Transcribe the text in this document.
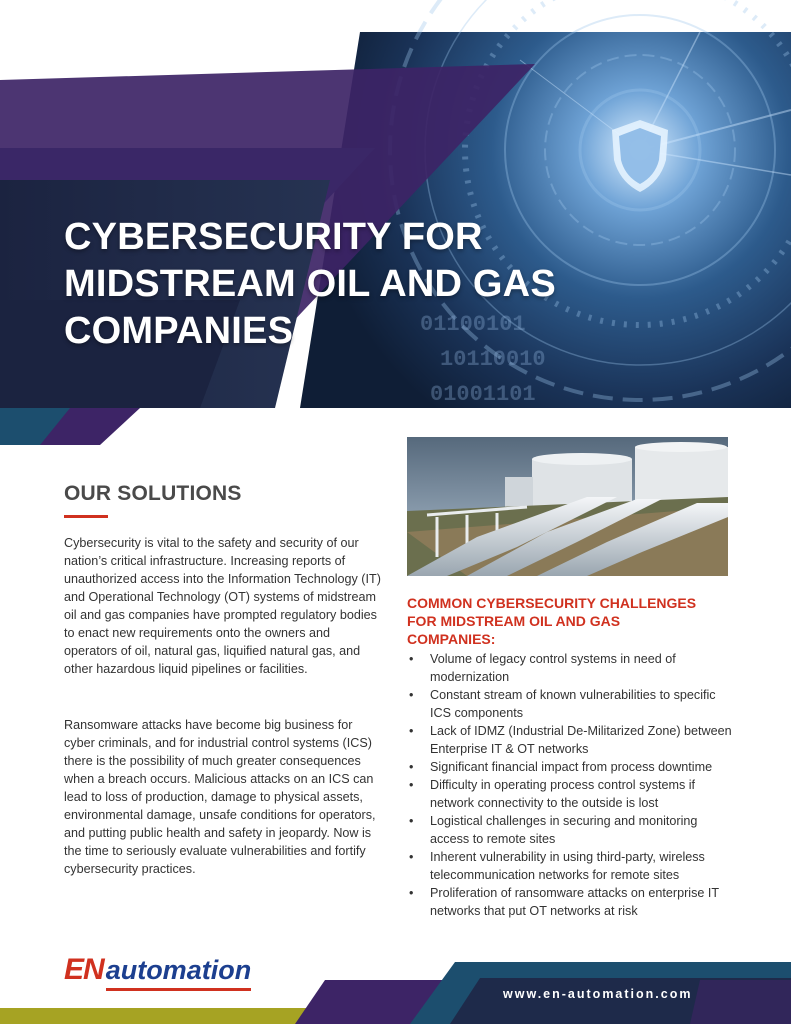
01100101
10110010
01001101
CYBERSECURITY FOR
MIDSTREAM OIL AND GAS
COMPANIES
OUR SOLUTIONS

Cybersecurity is vital to the safety and security of our nation’s critical infrastructure. Increasing reports of unauthorized access into the Information Technology (IT) and Operational Technology (OT) systems of midstream oil and gas companies have prompted regulatory bodies to enact new requirements onto the owners and operators of oil, natural gas, liquified natural gas, and other hazardous liquid pipelines or facilities.

Ransomware attacks have become big business for cyber criminals, and for industrial control systems (ICS) there is the possibility of much greater consequences when a breach occurs. Malicious attacks on an ICS can lead to loss of production, damage to physical assets, environmental damage, unsafe conditions for operators, and putting public health and safety in jeopardy. Now is the time to seriously evaluate vulnerabilities and fortify cybersecurity practices.

COMMON CYBERSECURITY CHALLENGES
FOR MIDSTREAM OIL AND GAS
COMPANIES:
• Volume of legacy control systems in need of modernization
• Constant stream of known vulnerabilities to specific ICS components
• Lack of IDMZ (Industrial De-Militarized Zone) between Enterprise IT & OT networks
• Significant financial impact from process downtime
• Difficulty in operating process control systems if network connectivity to the outside is lost
• Logistical challenges in securing and monitoring access to remote sites
• Inherent vulnerability in using third-party, wireless telecommunication networks for remote sites
• Proliferation of ransomware attacks on enterprise IT networks that put OT networks at risk
ENautomation
www.en-automation.com
